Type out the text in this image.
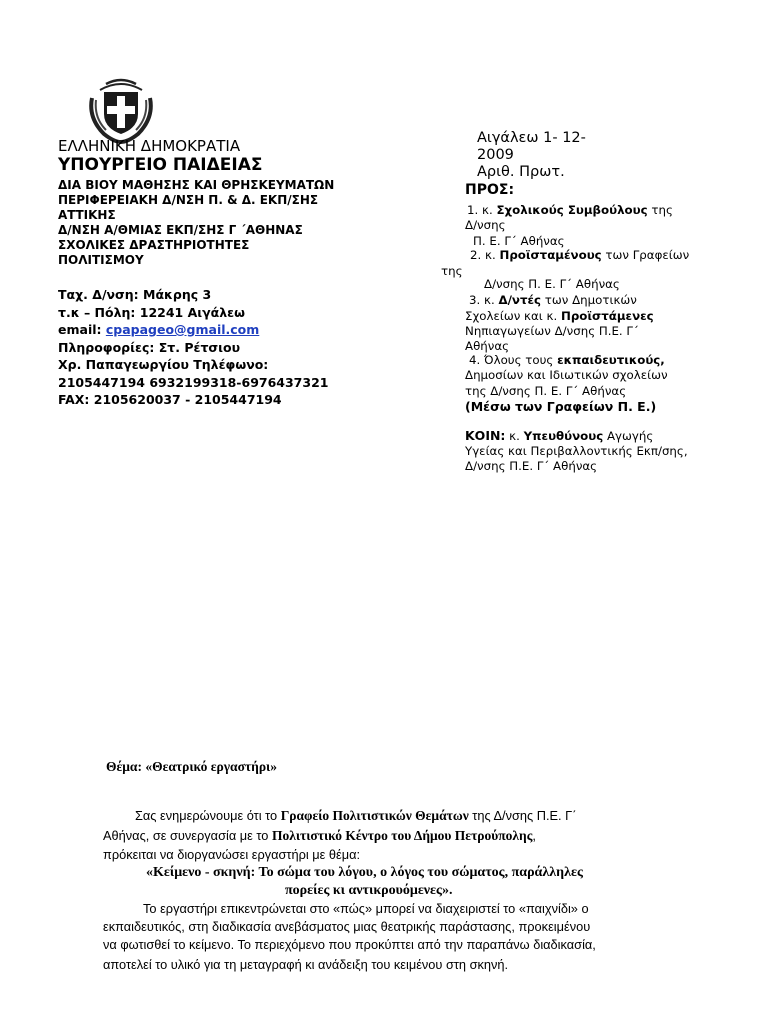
ΕΛΛΗΝΙΚΗ ΔΗΜΟΚΡΑΤΙΑ
ΥΠΟΥΡΓΕΙΟ ΠΑΙΔΕΙΑΣ
ΔΙΑ ΒΙΟΥ ΜΑΘΗΣΗΣ ΚΑΙ ΘΡΗΣΚΕΥΜΑΤΩΝ
ΠΕΡΙΦΕΡΕΙΑΚΗ Δ/ΝΣΗ Π. & Δ. ΕΚΠ/ΣΗΣ
ΑΤΤΙΚΗΣ
Δ/ΝΣΗ Α/ΘΜΙΑΣ ΕΚΠ/ΣΗΣ Γ ΄ΑΘΗΝΑΣ
ΣΧΟΛΙΚΕΣ ΔΡΑΣΤΗΡΙΟΤΗΤΕΣ
ΠΟΛΙΤΙΣΜΟΥ
Ταχ. Δ/νση: Μάκρης 3
τ.κ – Πόλη: 12241 Αιγάλεω
email: cpapageo@gmail.com
Πληροφορίες: Στ. Ρέτσιου
Χρ. Παπαγεωργίου Τηλέφωνο:
2105447194 6932199318-6976437321
FAX: 2105620037 - 2105447194
Αιγάλεω 1- 12-
2009
Αριθ. Πρωτ.
ΠΡΟΣ:
1. κ. Σχολικούς Συμβούλους της
Δ/νσης
Π. Ε. Γ΄ Αθήνας
2. κ. Προϊσταμένους των Γραφείων
της
Δ/νσης Π. Ε. Γ΄ Αθήνας
3. κ. Δ/ντές των Δημοτικών
Σχολείων και κ. Προϊστάμενες
Νηπιαγωγείων Δ/νσης Π.Ε. Γ΄
Αθήνας
4. Όλους τους εκπαιδευτικούς,
Δημοσίων και Ιδιωτικών σχολείων
της Δ/νσης Π. Ε. Γ΄ Αθήνας
(Μέσω των Γραφείων Π. Ε.)
ΚΟΙΝ: κ. Υπευθύνους Αγωγής
Υγείας και Περιβαλλοντικής Εκπ/σης,
Δ/νσης Π.Ε. Γ΄ Αθήνας
Θέμα: «Θεατρικό εργαστήρι»
Σας ενημερώνουμε ότι το Γραφείο Πολιτιστικών Θεμάτων της Δ/νσης Π.Ε. Γ΄
Αθήνας, σε συνεργασία με το Πολιτιστικό Κέντρο του Δήμου Πετρούπολης,
πρόκειται να διοργανώσει εργαστήρι με θέμα:
«Κείμενο - σκηνή: Το σώμα του λόγου, ο λόγος του σώματος, παράλληλες
πορείες κι αντικρουόμενες».
Το εργαστήρι επικεντρώνεται στο «πώς» μπορεί να διαχειριστεί το «παιχνίδι» ο
εκπαιδευτικός, στη διαδικασία ανεβάσματος μιας θεατρικής παράστασης, προκειμένου
να φωτισθεί το κείμενο. Το περιεχόμενο που προκύπτει από την παραπάνω διαδικασία,
αποτελεί το υλικό για τη μεταγραφή κι ανάδειξη του κειμένου στη σκηνή.
